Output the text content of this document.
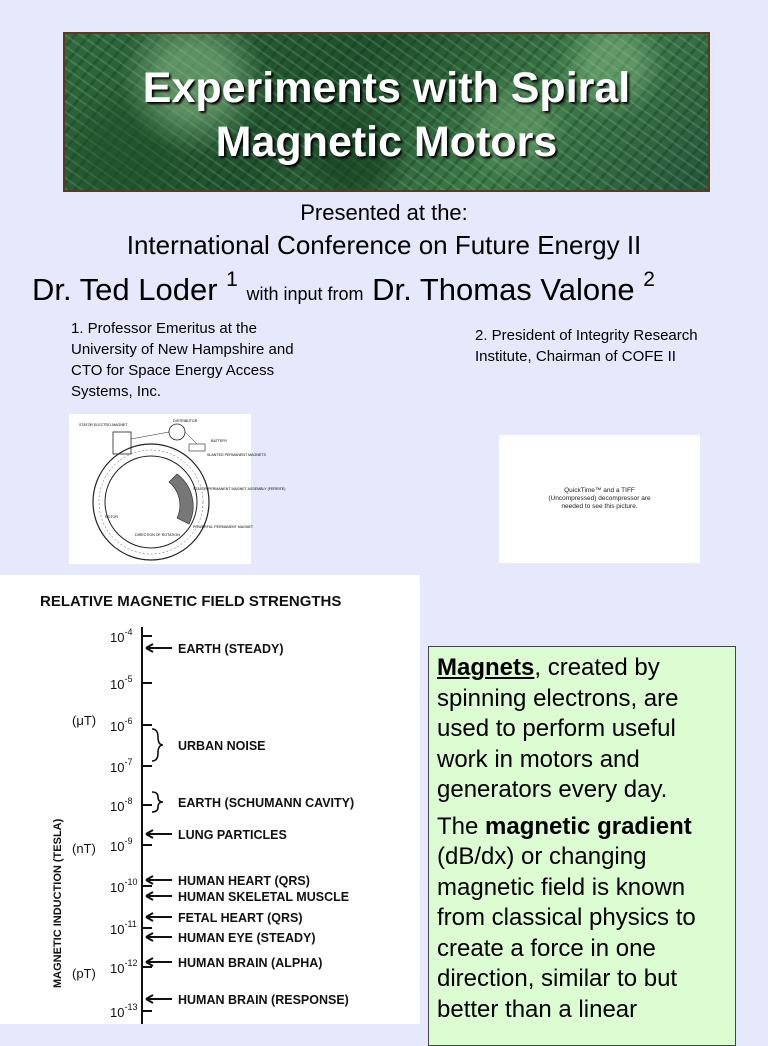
Experiments with Spiral Magnetic Motors
Presented at the:
International Conference on Future Energy II
Dr. Ted Loder $^1$ with input from Dr. Thomas Valone $^2$
1. Professor Emeritus at the University of New Hampshire and CTO for Space Energy Access Systems, Inc.
2. President of Integrity Research Institute, Chairman of COFE II
STATOR ELECTRO-MAGNET
DISTRIBUTOR
BATTERY
SLANTED PERMANENT MAGNETS
STATOR PERMANENT MAGNET ASSEMBLY (FERRITE)
POWERFUL PERMANENT MAGNET
ROTOR
DIRECTION OF ROTATION
QuickTime™ and a TIFF (Uncompressed) decompressor are needed to see this picture.
RELATIVE MAGNETIC FIELD STRENGTHS
MAGNETIC INDUCTION (TESLA)
$10^{-4}$
$10^{-5}$
$10^{-6}$
$10^{-7}$
$10^{-8}$
$10^{-9}$
$10^{-10}$
$10^{-11}$
$10^{-12}$
$10^{-13}$
(μT)
(nT)
(pT)
EARTH (STEADY)
URBAN NOISE
EARTH (SCHUMANN CAVITY)
LUNG PARTICLES
HUMAN HEART (QRS)
HUMAN SKELETAL MUSCLE
FETAL HEART (QRS)
HUMAN EYE (STEADY)
HUMAN BRAIN (ALPHA)
HUMAN BRAIN (RESPONSE)

Magnets, created by spinning electrons, are used to perform useful work in motors and generators every day.

The magnetic gradient (dB/dx) or changing magnetic field is known from classical physics to create a force in one direction, similar to but better than a linear
